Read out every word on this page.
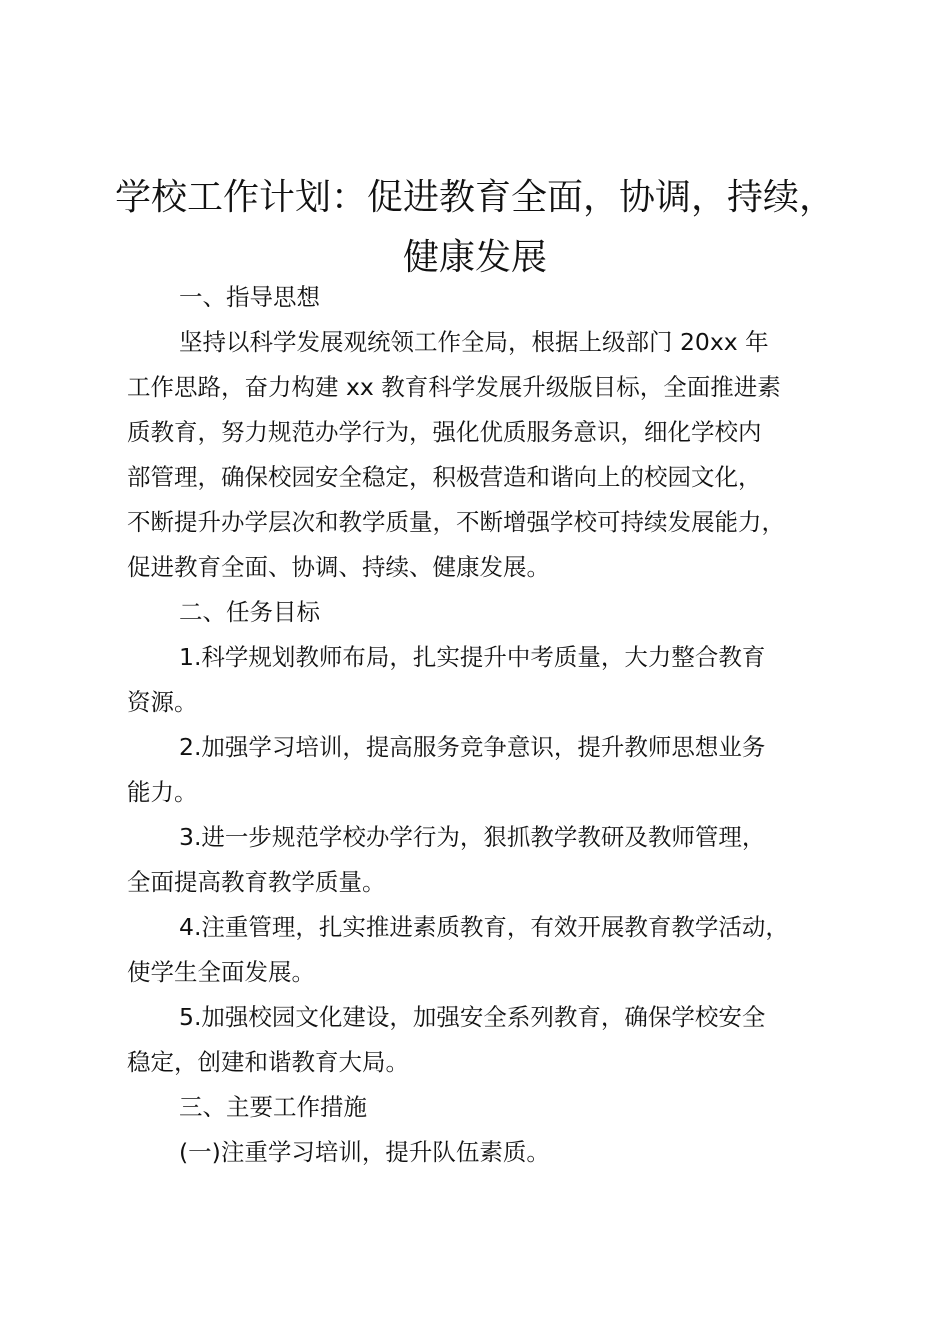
学校工作计划：促进教育全面，协调，持续，
健康发展
一、指导思想
坚持以科学发展观统领工作全局，根据上级部门 20xx 年
工作思路，奋力构建 xx 教育科学发展升级版目标，全面推进素
质教育，努力规范办学行为，强化优质服务意识，细化学校内
部管理，确保校园安全稳定，积极营造和谐向上的校园文化，
不断提升办学层次和教学质量，不断增强学校可持续发展能力，
促进教育全面、协调、持续、健康发展。
二、任务目标
1.科学规划教师布局，扎实提升中考质量，大力整合教育
资源。
2.加强学习培训，提高服务竞争意识，提升教师思想业务
能力。
3.进一步规范学校办学行为，狠抓教学教研及教师管理，
全面提高教育教学质量。
4.注重管理，扎实推进素质教育，有效开展教育教学活动，
使学生全面发展。
5.加强校园文化建设，加强安全系列教育，确保学校安全
稳定，创建和谐教育大局。
三、主要工作措施
(一)注重学习培训，提升队伍素质。
